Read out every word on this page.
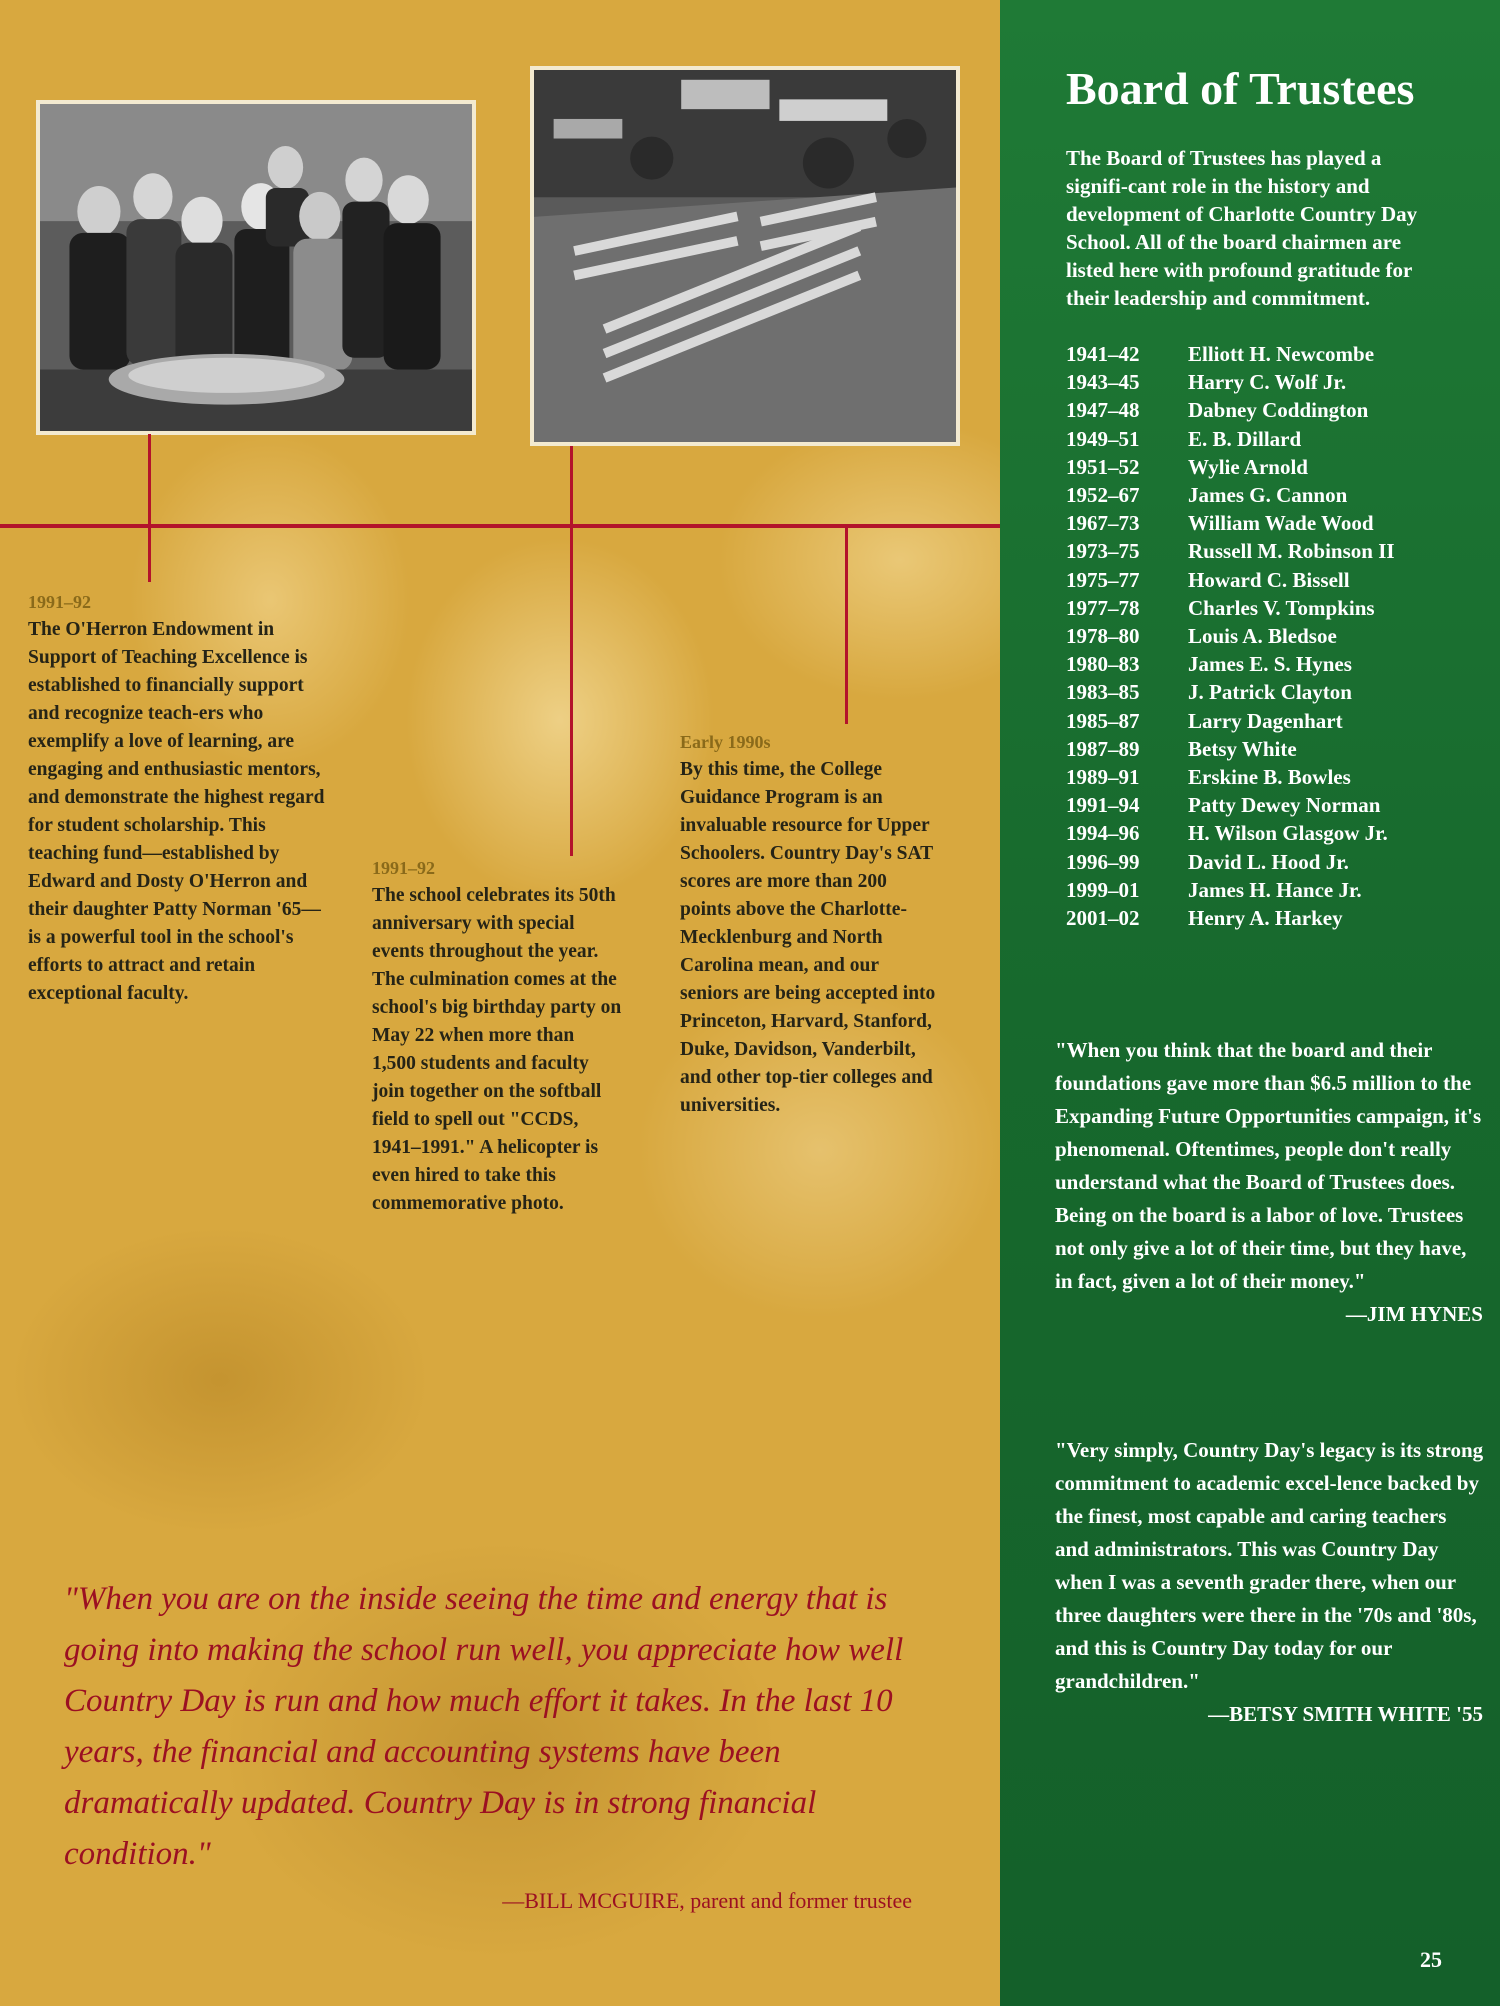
1991–92
The O'Herron Endowment in Support of Teaching Excellence is established to financially support and recognize teach-ers who exemplify a love of learning, are engaging and enthusiastic mentors, and demonstrate the highest regard for student scholarship. This teaching fund—established by Edward and Dosty O'Herron and their daughter Patty Norman '65—is a powerful tool in the school's efforts to attract and retain exceptional faculty.
1991–92
The school celebrates its 50th anniversary with special events throughout the year. The culmination comes at the school's big birthday party on May 22 when more than 1,500 students and faculty join together on the softball field to spell out "CCDS, 1941–1991." A helicopter is even hired to take this commemorative photo.
Early 1990s
By this time, the College Guidance Program is an invaluable resource for Upper Schoolers. Country Day's SAT scores are more than 200 points above the Charlotte-Mecklenburg and North Carolina mean, and our seniors are being accepted into Princeton, Harvard, Stanford, Duke, Davidson, Vanderbilt, and other top-tier colleges and universities.
"When you are on the inside seeing the time and energy that is going into making the school run well, you appreciate how well Country Day is run and how much effort it takes. In the last 10 years, the financial and accounting systems have been dramatically updated. Country Day is in strong financial condition."
—BILL MCGUIRE, parent and former trustee
Board of Trustees
The Board of Trustees has played a signifi-cant role in the history and development of Charlotte Country Day School. All of the board chairmen are listed here with profound gratitude for their leadership and commitment.
1941–42	Elliott H. Newcombe
1943–45	Harry C. Wolf Jr.
1947–48	Dabney Coddington
1949–51	E. B. Dillard
1951–52	Wylie Arnold
1952–67	James G. Cannon
1967–73	William Wade Wood
1973–75	Russell M. Robinson II
1975–77	Howard C. Bissell
1977–78	Charles V. Tompkins
1978–80	Louis A. Bledsoe
1980–83	James E. S. Hynes
1983–85	J. Patrick Clayton
1985–87	Larry Dagenhart
1987–89	Betsy White
1989–91	Erskine B. Bowles
1991–94	Patty Dewey Norman
1994–96	H. Wilson Glasgow Jr.
1996–99	David L. Hood Jr.
1999–01	James H. Hance Jr.
2001–02	Henry A. Harkey
"When you think that the board and their foundations gave more than $6.5 million to the Expanding Future Opportunities campaign, it's phenomenal. Oftentimes, people don't really understand what the Board of Trustees does. Being on the board is a labor of love. Trustees not only give a lot of their time, but they have, in fact, given a lot of their money."
—JIM HYNES
"Very simply, Country Day's legacy is its strong commitment to academic excel-lence backed by the finest, most capable and caring teachers and administrators. This was Country Day when I was a seventh grader there, when our three daughters were there in the '70s and '80s, and this is Country Day today for our grandchildren."
—BETSY SMITH WHITE '55
25
